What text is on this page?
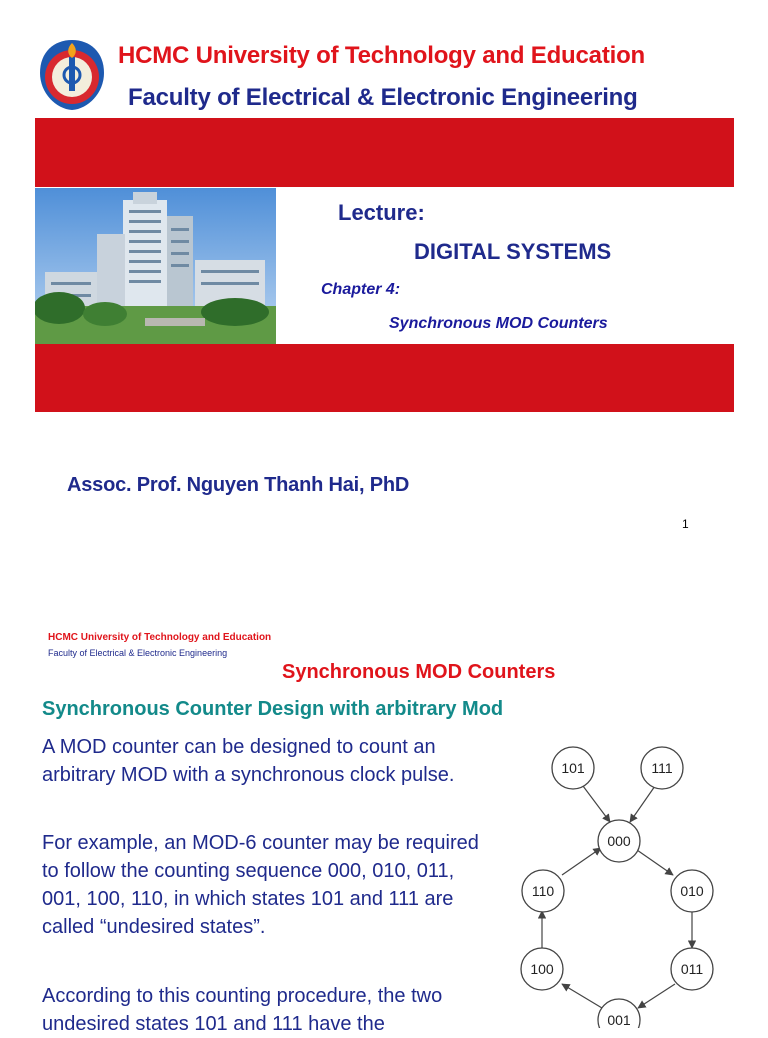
HCMC University of Technology and Education
Faculty of Electrical & Electronic Engineering
Lecture:
DIGITAL SYSTEMS
Chapter 4:
Synchronous MOD Counters
Assoc. Prof. Nguyen Thanh Hai, PhD
1
HCMC University of Technology and Education
Faculty of Electrical & Electronic Engineering
Synchronous MOD Counters
Synchronous Counter Design with arbitrary Mod
A MOD counter can be designed to count an arbitrary MOD with a synchronous clock pulse.
For example, an MOD-6 counter may be required to follow the counting sequence 000, 010, 011, 001, 100, 110, in which states 101 and 111 are called “undesired states”.
According to this counting procedure, the two undesired states 101 and 111 have the
101	111
000
110	010
100	011
001
